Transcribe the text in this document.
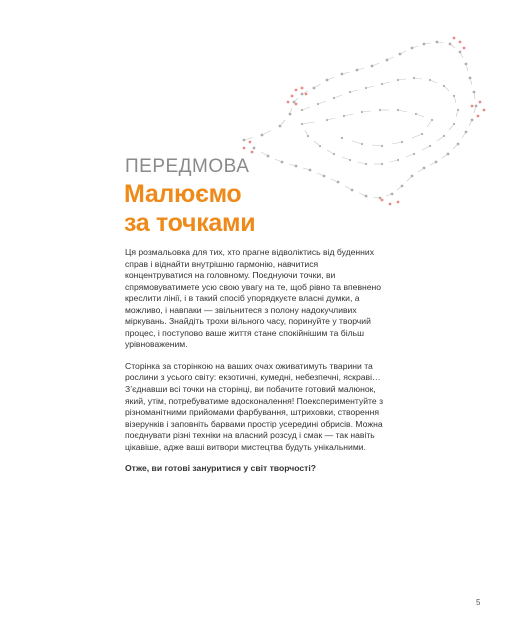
ПЕРЕДМОВА
Малюємо
за точками

Ця розмальовка для тих, хто прагне відволіктись від буденних справ і віднайти внутрішню гармонію, навчитися концентруватися на головному. Поєднуючи точки, ви спрямовуватимете усю свою увагу на те, щоб рівно та впевнено креслити лінії, і в такий спосіб упорядкуєте власні думки, а можливо, і навпаки — звільнитеся з полону надокучливих міркувань. Знайдіть трохи вільного часу, поринуйте у творчий процес, і поступово ваше життя стане спокійнішим та більш урівноваженим.

Сторінка за сторінкою на ваших очах оживатимуть тварини та рослини з усього світу: екзотичні, кумедні, небезпечні, яскраві… З’єднавши всі точки на сторінці, ви побачите готовий малюнок, який, утім, потребуватиме вдосконалення! Поекспериментуйте з різноманітними прийомами фарбування, штриховки, створення візерунків і заповніть барвами простір усередині обрисів. Можна поєднувати різні техніки на власний розсуд і смак — так навіть цікавіше, адже ваші витвори мистецтва будуть унікальними.

Отже, ви готові зануритися у світ творчості?

5
